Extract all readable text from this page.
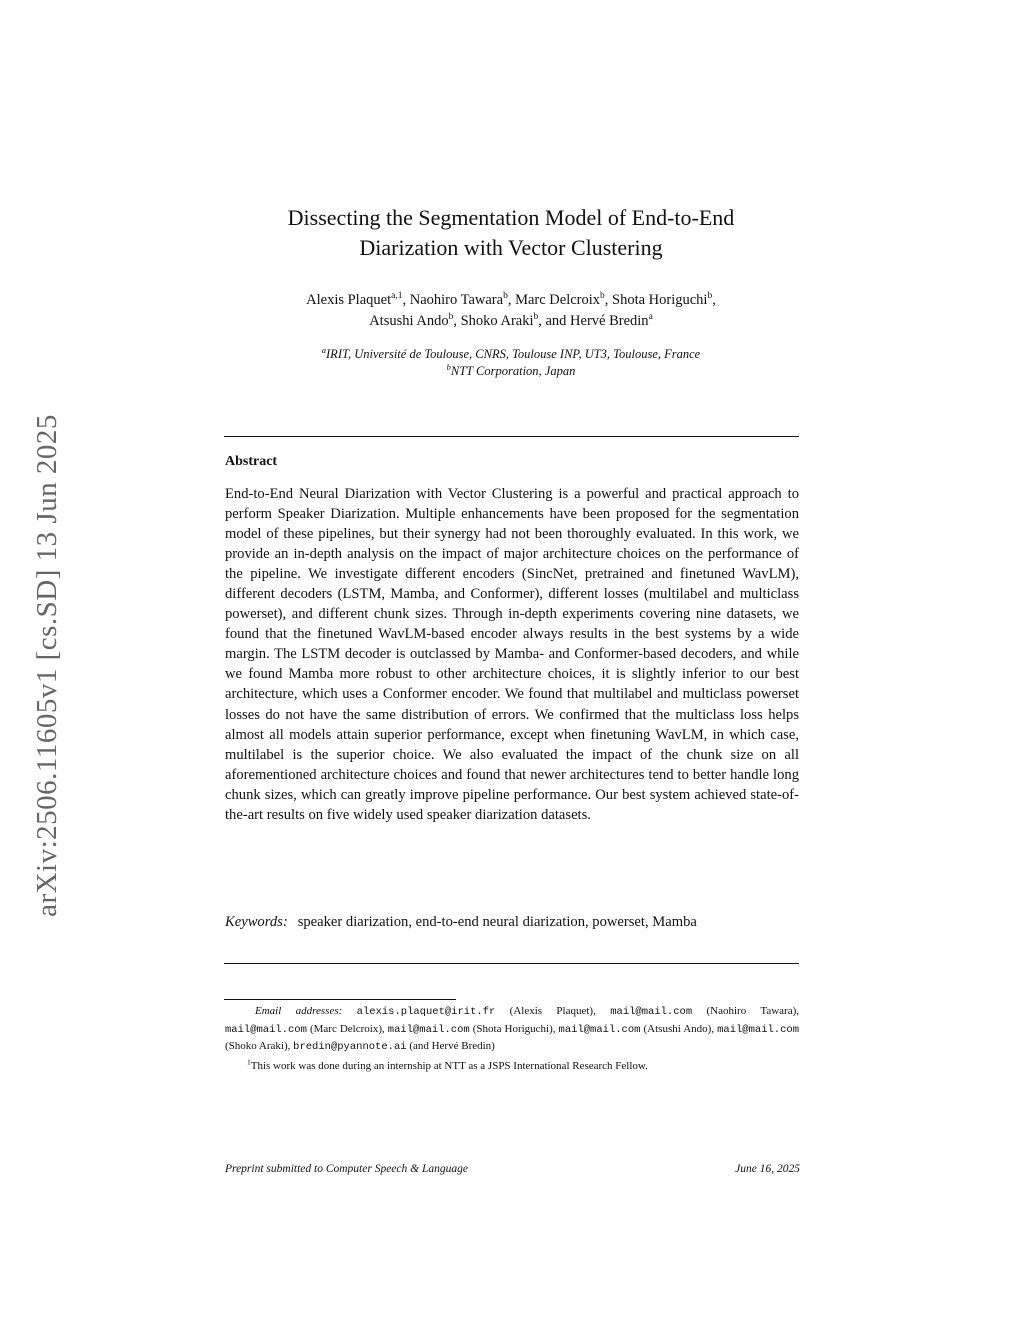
arXiv:2506.11605v1 [cs.SD] 13 Jun 2025
Dissecting the Segmentation Model of End-to-End
Diarization with Vector Clustering
Alexis Plaquet$^{a,1}$, Naohiro Tawara$^b$, Marc Delcroix$^b$, Shota Horiguchi$^b$,
Atsushi Ando$^b$, Shoko Araki$^b$, and Hervé Bredin$^a$
$^a$IRIT, Université de Toulouse, CNRS, Toulouse INP, UT3, Toulouse, France
$^b$NTT Corporation, Japan
Abstract
End-to-End Neural Diarization with Vector Clustering is a powerful and practical approach to perform Speaker Diarization. Multiple enhancements have been proposed for the segmentation model of these pipelines, but their synergy had not been thoroughly evaluated. In this work, we provide an in-depth analysis on the impact of major architecture choices on the performance of the pipeline. We investigate different encoders (SincNet, pretrained and finetuned WavLM), different decoders (LSTM, Mamba, and Conformer), different losses (multilabel and multiclass powerset), and different chunk sizes. Through in-depth experiments covering nine datasets, we found that the finetuned WavLM-based encoder always results in the best systems by a wide margin. The LSTM decoder is outclassed by Mamba- and Conformer-based decoders, and while we found Mamba more robust to other architecture choices, it is slightly inferior to our best architecture, which uses a Conformer encoder. We found that multilabel and multiclass powerset losses do not have the same distribution of errors. We confirmed that the multiclass loss helps almost all models attain superior performance, except when finetuning WavLM, in which case, multilabel is the superior choice. We also evaluated the impact of the chunk size on all aforementioned architecture choices and found that newer architectures tend to better handle long chunk sizes, which can greatly improve pipeline performance. Our best system achieved state-of-the-art results on five widely used speaker diarization datasets.
Keywords: speaker diarization, end-to-end neural diarization, powerset, Mamba
Email addresses: alexis.plaquet@irit.fr (Alexis Plaquet), mail@mail.com (Naohiro Tawara), mail@mail.com (Marc Delcroix), mail@mail.com (Shota Horiguchi), mail@mail.com (Atsushi Ando), mail@mail.com (Shoko Araki), bredin@pyannote.ai (and Hervé Bredin)
$^1$This work was done during an internship at NTT as a JSPS International Research Fellow.
Preprint submitted to Computer Speech & Language	June 16, 2025
